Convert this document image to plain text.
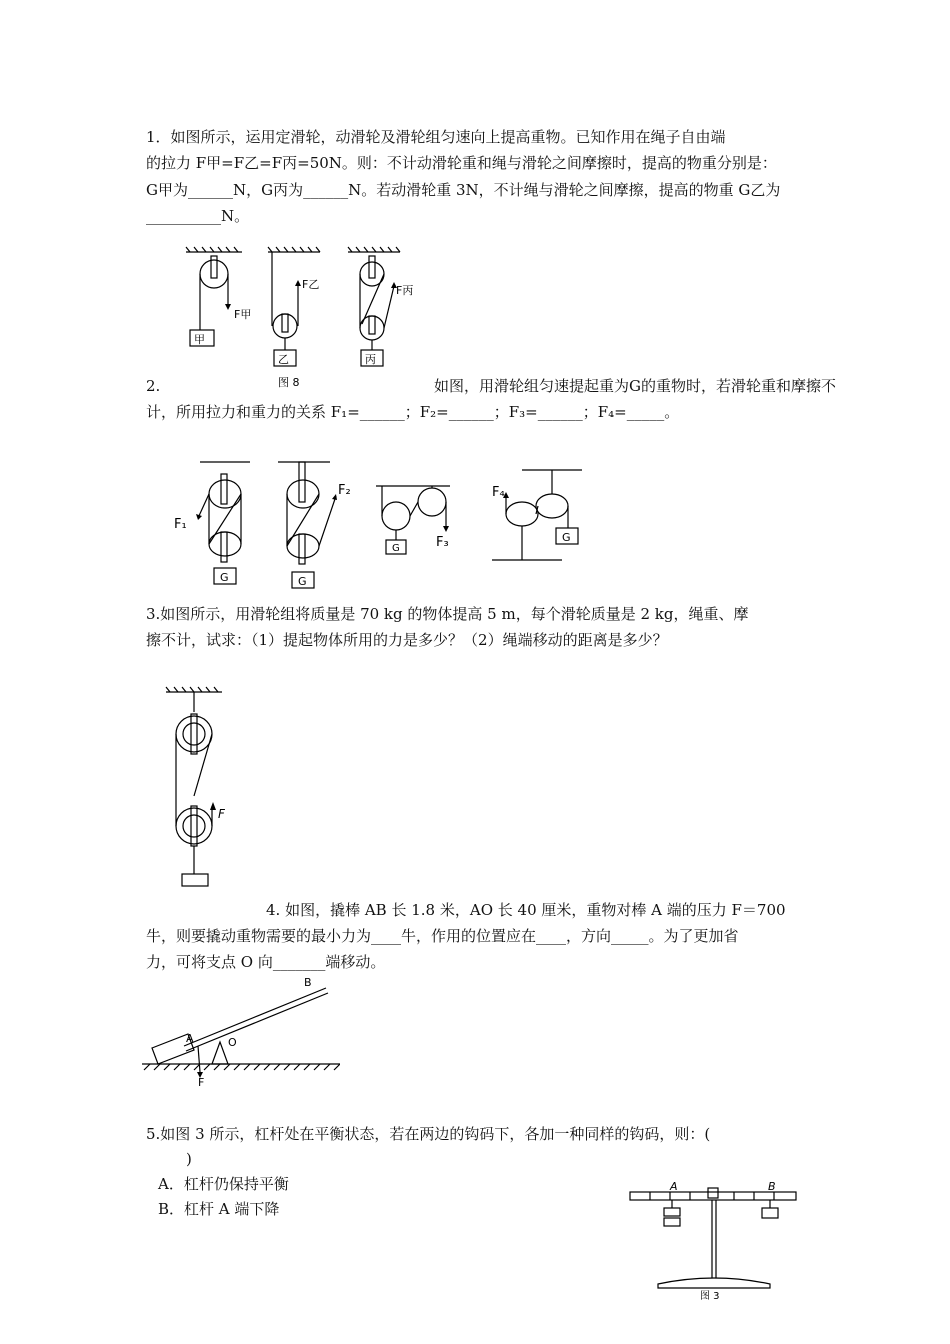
1．如图所示，运用定滑轮，动滑轮及滑轮组匀速向上提高重物。已知作用在绳子自由端
的拉力 F甲=F乙=F丙=50N。则：不计动滑轮重和绳与滑轮之间摩擦时，提高的物重分别是：
G甲为______N，G丙为______N。若动滑轮重 3N，不计绳与滑轮之间摩擦，提高的物重 G乙为
__________N。
F甲
F乙	F丙
甲
乙	丙
图 8
2.	如图，用滑轮组匀速提起重为G的重物时，若滑轮重和摩擦不
计，所用拉力和重力的关系 F₁=______；F₂=______；F₃=______；F₄=_____。
F₁
F₂
F₃
F₄
G	G
G
G
3.如图所示，用滑轮组将质量是 70 kg 的物体提高 5 m，每个滑轮质量是 2 kg，绳重、摩
擦不计，试求：（1）提起物体所用的力是多少？（2）绳端移动的距离是多少？
F
4. 如图，撬棒 AB 长 1.8 米，AO 长 40 厘米，重物对棒 A 端的压力 F＝700
牛，则要撬动重物需要的最小力为____牛，作用的位置应在____，方向_____。为了更加省
力，可将支点 O 向_______端移动。
A
B
O
F
5.如图 3 所示，杠杆处在平衡状态，若在两边的钩码下，各加一种同样的钩码，则：(
)
A．杠杆仍保持平衡
B．杠杆 A 端下降
A	B
图 3
